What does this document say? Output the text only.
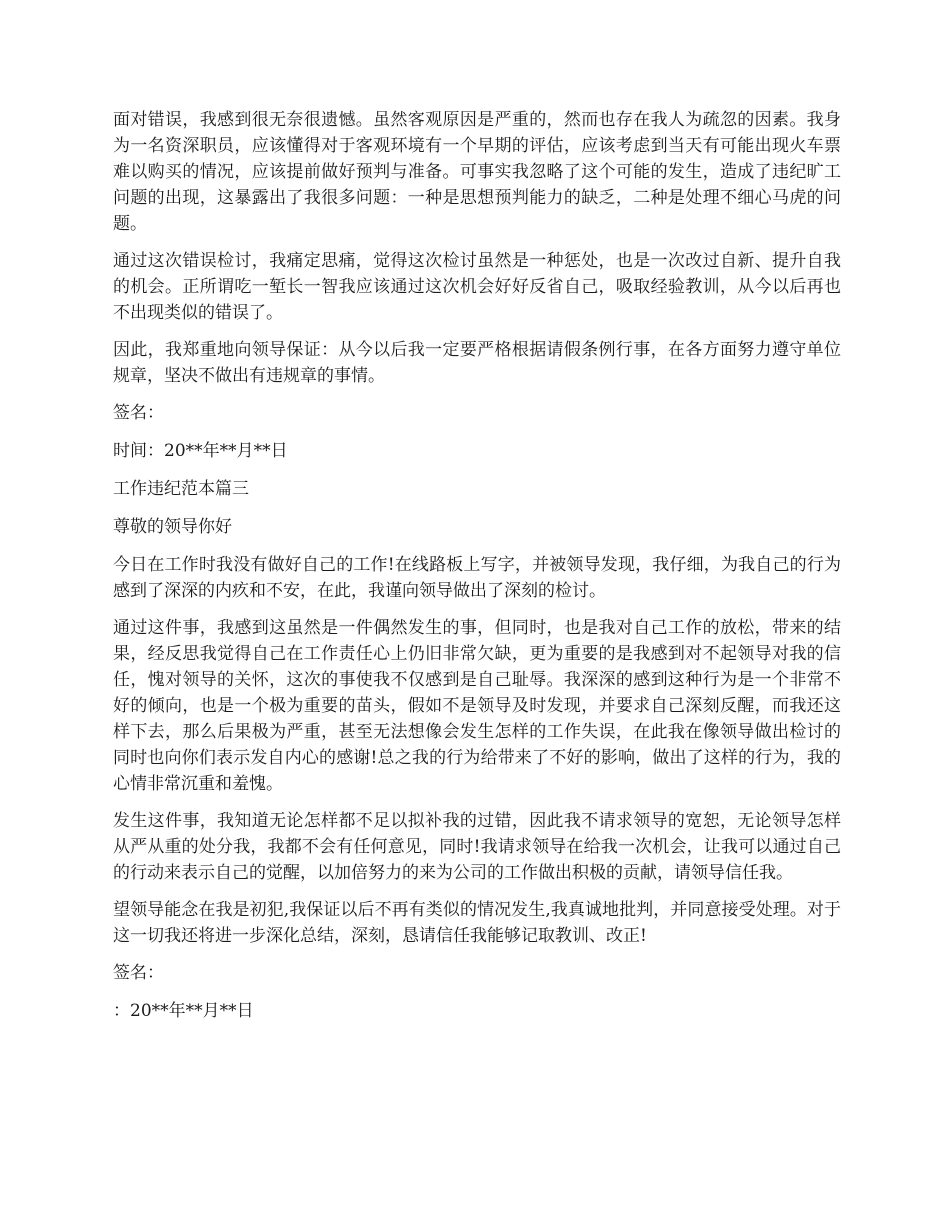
面对错误，我感到很无奈很遗憾。虽然客观原因是严重的，然而也存在我人为疏忽的因素。我身为一名资深职员，应该懂得对于客观环境有一个早期的评估，应该考虑到当天有可能出现火车票难以购买的情况，应该提前做好预判与准备。可事实我忽略了这个可能的发生，造成了违纪旷工问题的出现，这暴露出了我很多问题：一种是思想预判能力的缺乏，二种是处理不细心马虎的问题。

通过这次错误检讨，我痛定思痛，觉得这次检讨虽然是一种惩处，也是一次改过自新、提升自我的机会。正所谓吃一堑长一智我应该通过这次机会好好反省自己，吸取经验教训，从今以后再也不出现类似的错误了。

因此，我郑重地向领导保证：从今以后我一定要严格根据请假条例行事，在各方面努力遵守单位规章，坚决不做出有违规章的事情。

签名：

时间：20**年**月**日

工作违纪范本篇三

尊敬的领导你好

今日在工作时我没有做好自己的工作!在线路板上写字，并被领导发现，我仔细，为我自己的行为感到了深深的内疚和不安，在此，我谨向领导做出了深刻的检讨。

通过这件事，我感到这虽然是一件偶然发生的事，但同时，也是我对自己工作的放松，带来的结果，经反思我觉得自己在工作责任心上仍旧非常欠缺，更为重要的是我感到对不起领导对我的信任，愧对领导的关怀，这次的事使我不仅感到是自己耻辱。我深深的感到这种行为是一个非常不好的倾向，也是一个极为重要的苗头，假如不是领导及时发现，并要求自己深刻反醒，而我还这样下去，那么后果极为严重，甚至无法想像会发生怎样的工作失误，在此我在像领导做出检讨的同时也向你们表示发自内心的感谢!总之我的行为给带来了不好的影响，做出了这样的行为，我的心情非常沉重和羞愧。

发生这件事，我知道无论怎样都不足以拟补我的过错，因此我不请求领导的宽恕，无论领导怎样从严从重的处分我，我都不会有任何意见，同时!我请求领导在给我一次机会，让我可以通过自己的行动来表示自己的觉醒，以加倍努力的来为公司的工作做出积极的贡献，请领导信任我。

望领导能念在我是初犯,我保证以后不再有类似的情况发生,我真诚地批判，并同意接受处理。对于这一切我还将进一步深化总结，深刻，恳请信任我能够记取教训、改正!

签名：

：20**年**月**日
